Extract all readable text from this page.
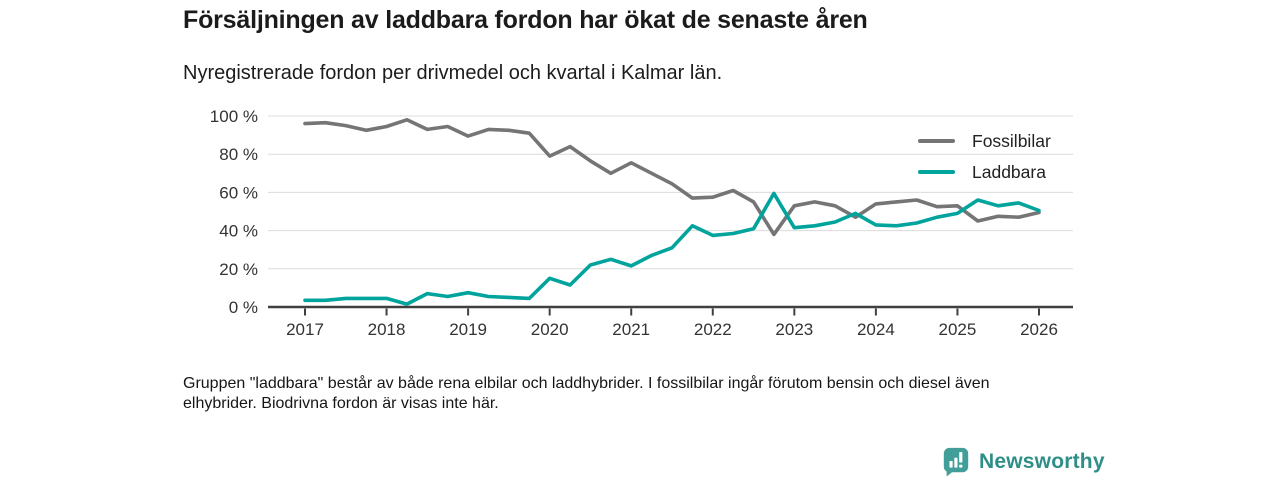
Försäljningen av laddbara fordon har ökat de senaste åren
Nyregistrerade fordon per drivmedel och kvartal i Kalmar län.
0 %
20 %
40 %
60 %
80 %
100 %
2017	2018	2019	2020	2021	2022	2023	2024	2025	2026
Fossilbilar
Laddbara

Gruppen "laddbara" består av både rena elbilar och laddhybrider. I fossilbilar ingår förutom bensin och diesel även elhybrider. Biodrivna fordon är visas inte här.

Newsworthy
